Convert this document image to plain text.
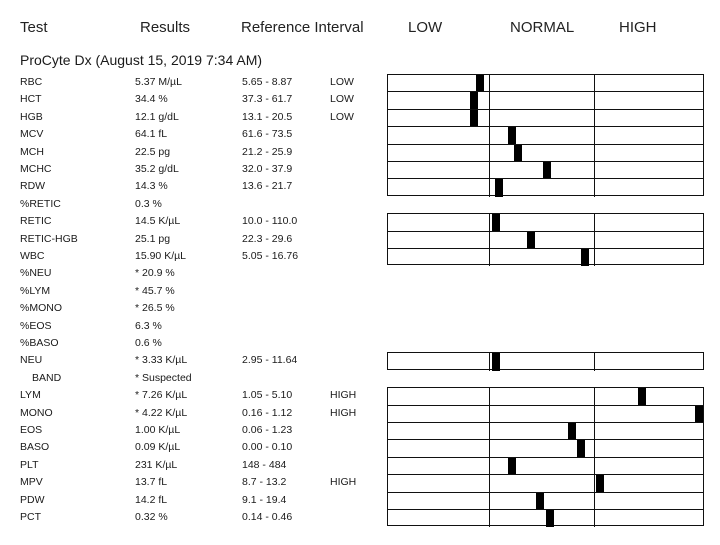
Test	Results	Reference Interval	LOW	NORMAL	HIGH
ProCyte Dx (August 15, 2019 7:34 AM)
RBC	5.37 M/µL	5.65 - 8.87	LOW
HCT	34.4 %	37.3 - 61.7	LOW
HGB	12.1 g/dL	13.1 - 20.5	LOW
MCV	64.1 fL	61.6 - 73.5
MCH	22.5 pg	21.2 - 25.9
MCHC	35.2 g/dL	32.0 - 37.9
RDW	14.3 %	13.6 - 21.7
%RETIC	0.3 %
RETIC	14.5 K/µL	10.0 - 110.0
RETIC-HGB	25.1 pg	22.3 - 29.6
WBC	15.90 K/µL	5.05 - 16.76
%NEU	* 20.9 %
%LYM	* 45.7 %
%MONO	* 26.5 %
%EOS	6.3 %
%BASO	0.6 %
NEU	* 3.33 K/µL	2.95 - 11.64
BAND	* Suspected
LYM	* 7.26 K/µL	1.05 - 5.10	HIGH
MONO	* 4.22 K/µL	0.16 - 1.12	HIGH
EOS	1.00 K/µL	0.06 - 1.23
BASO	0.09 K/µL	0.00 - 0.10
PLT	231 K/µL	148 - 484
MPV	13.7 fL	8.7 - 13.2	HIGH
PDW	14.2 fL	9.1 - 19.4
PCT	0.32 %	0.14 - 0.46
